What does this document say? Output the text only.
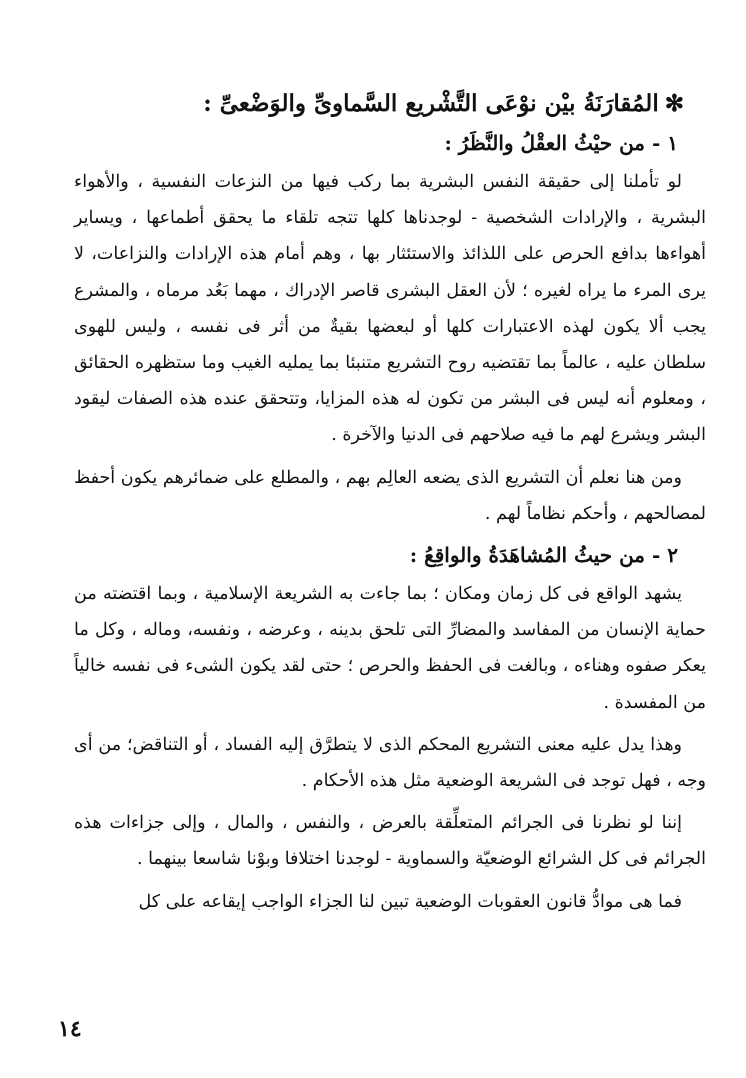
✻المُقارَنَةُ بيْن نوْعَى التَّشْريع السَّماوىِّ والوَضْعىِّ :
١ - من حيْثُ العقْلُ والنَّظَرُ :

لو تأملنا إلى حقيقة النفس البشرية بما ركب فيها من النزعات النفسية ، والأهواء البشرية ، والإرادات الشخصية - لوجدناها كلها تتجه تلقاء ما يحقق أطماعها ، ويساير أهواءها بدافع الحرص على اللذائذ والاستئثار بها ، وهم أمام هذه الإرادات والنزاعات، لا يرى المرء ما يراه لغيره ؛ لأن العقل البشرى قاصر الإدراك ، مهما بَعُد مرماه ، والمشرع يجب ألا يكون لهذه الاعتبارات كلها أو لبعضها بقيةٌ من أثر فى نفسه ، وليس للهوى سلطان عليه ، عالماً بما تقتضيه روح التشريع متنبئا بما يمليه الغيب وما ستظهره الحقائق ، ومعلوم أنه ليس فى البشر من تكون له هذه المزايا، وتتحقق عنده هذه الصفات ليقود البشر ويشرع لهم ما فيه صلاحهم فى الدنيا والآخرة .

ومن هنا نعلم أن التشريع الذى يضعه العالِم بهم ، والمطلع على ضمائرهم يكون أحفظ لمصالحهم ، وأحكم نظاماً لهم .

٢ - من حيثُ المُشاهَدَةُ والواقِعُ :

يشهد الواقع فى كل زمان ومكان ؛ بما جاءت به الشريعة الإسلامية ، وبما اقتضته من حماية الإنسان من المفاسد والمضارِّ التى تلحق بدينه ، وعرضه ، ونفسه، وماله ، وكل ما يعكر صفوه وهناءه ، وبالغت فى الحفظ والحرص ؛ حتى لقد يكون الشىء فى نفسه خالياً من المفسدة .

وهذا يدل عليه معنى التشريع المحكم الذى لا يتطرَّق إليه الفساد ، أو التناقض؛ من أى وجه ، فهل توجد فى الشريعة الوضعية مثل هذه الأحكام .

إننا لو نظرنا فى الجرائم المتعلِّقة بالعرض ، والنفس ، والمال ، وإلى جزاءات هذه الجرائم فى كل الشرائع الوضعيّة والسماوية - لوجدنا اختلافا وبوْنا شاسعا بينهما .

فما هى موادُّ قانون العقوبات الوضعية تبين لنا الجزاء الواجب إيقاعه على كل

١٤
